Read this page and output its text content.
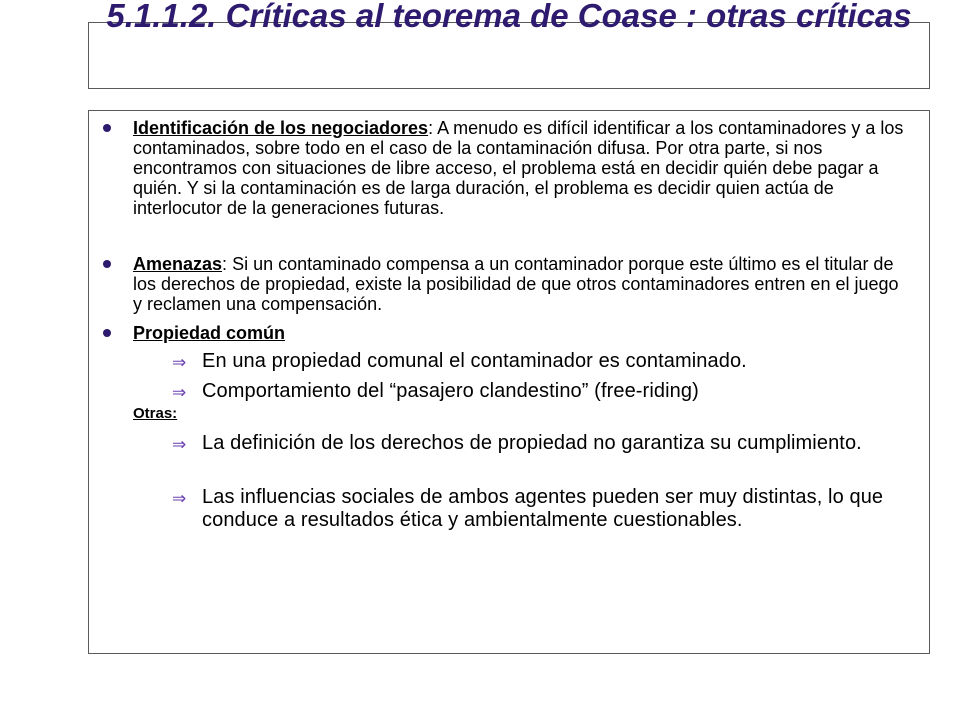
5.1.1.2. Críticas al teorema de Coase : otras críticas

Identificación de los negociadores: A menudo es difícil identificar a los contaminadores y a los contaminados, sobre todo en el caso de la contaminación difusa. Por otra parte, si nos encontramos con situaciones de libre acceso, el problema está en decidir quién debe pagar a quién. Y si la contaminación es de larga duración, el problema es decidir quien actúa de interlocutor de la generaciones futuras.

Amenazas: Si un contaminado compensa a un contaminador porque este último es el titular de los derechos de propiedad, existe la posibilidad de que otros contaminadores entren en el juego y reclamen una compensación.

Propiedad común

⇒ En una propiedad comunal el contaminador es contaminado.

⇒ Comportamiento del “pasajero clandestino” (free-riding)

Otras:

⇒ La definición de los derechos de propiedad no garantiza su cumplimiento.

⇒ Las influencias sociales de ambos agentes pueden ser muy distintas, lo que conduce a resultados ética y ambientalmente cuestionables.
